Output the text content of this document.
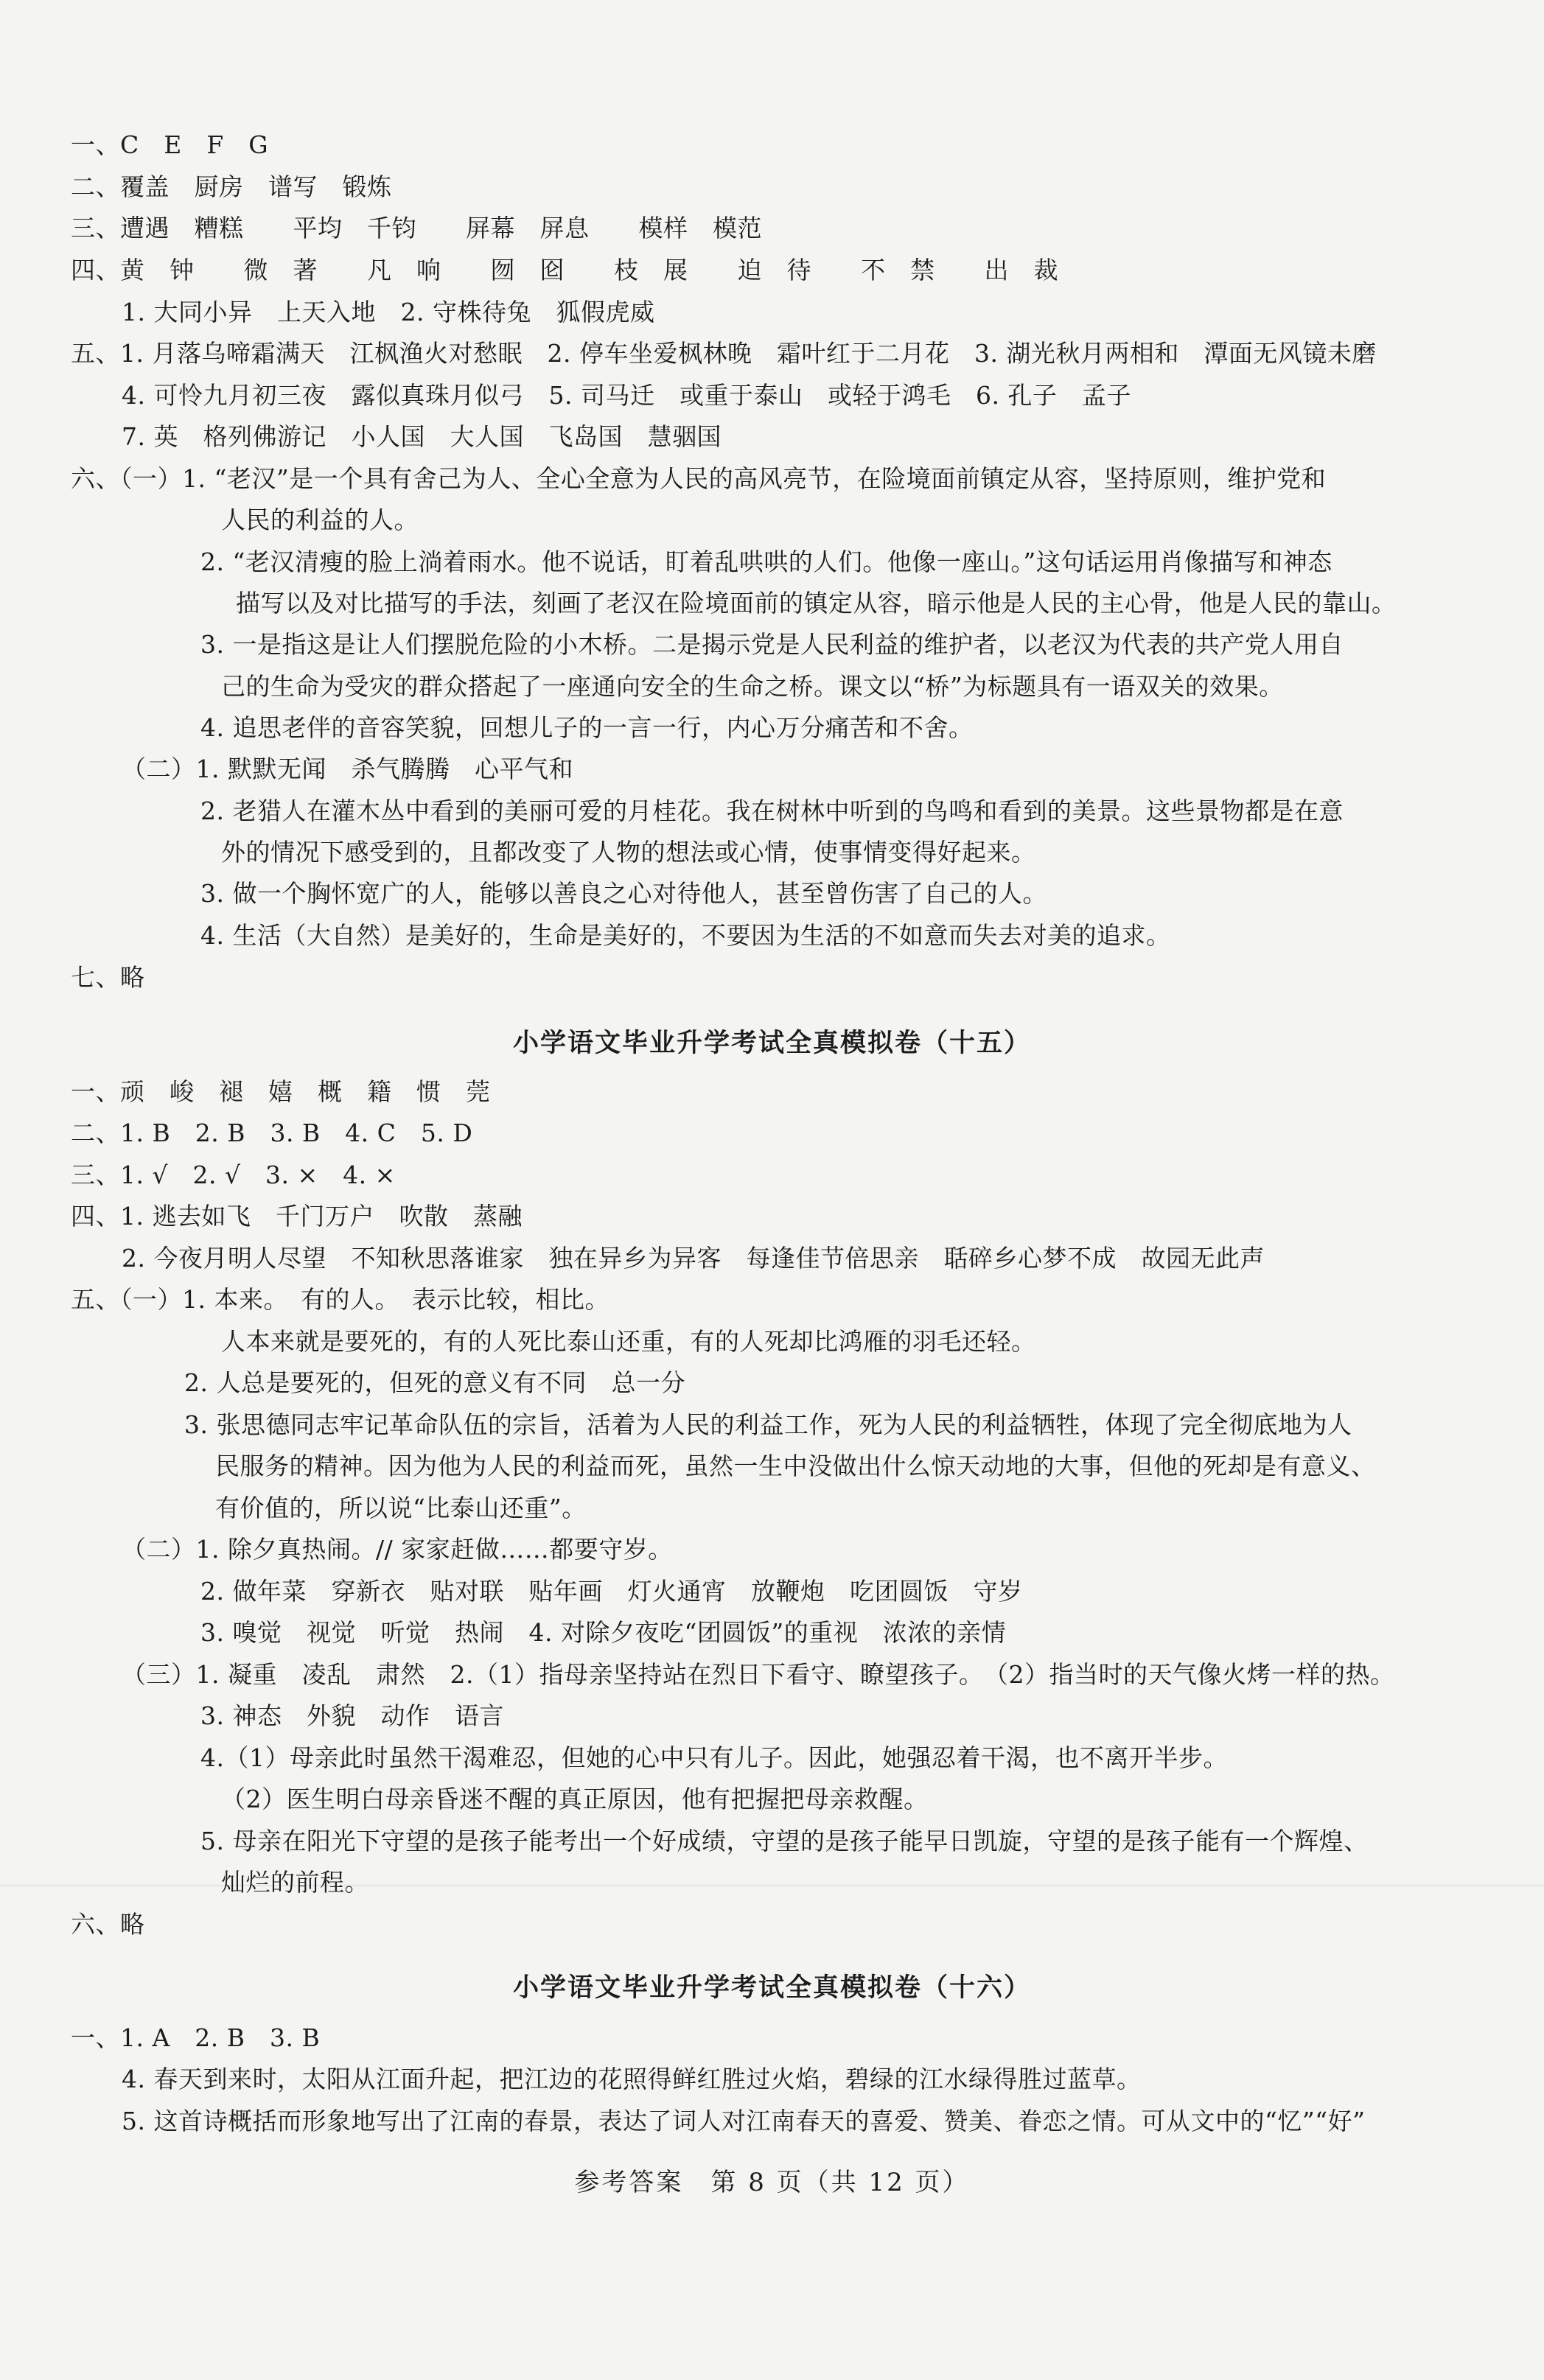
一、C　E　F　G
二、覆盖　厨房　谱写　锻炼
三、遭遇　糟糕　　平均　千钧　　屏幕　屏息　　模样　模范
四、黄　钟　　微　著　　凡　响　　囫　囵　　枝　展　　迫　待　　不　禁　　出　裁
1. 大同小异　上天入地　2. 守株待兔　狐假虎威
五、1. 月落乌啼霜满天　江枫渔火对愁眠　2. 停车坐爱枫林晚　霜叶红于二月花　3. 湖光秋月两相和　潭面无风镜未磨
4. 可怜九月初三夜　露似真珠月似弓　5. 司马迁　或重于泰山　或轻于鸿毛　6. 孔子　孟子
7. 英　格列佛游记　小人国　大人国　飞岛国　慧骃国
六、（一）1. “老汉”是一个具有舍己为人、全心全意为人民的高风亮节，在险境面前镇定从容，坚持原则，维护党和
人民的利益的人。
2. “老汉清瘦的脸上淌着雨水。他不说话，盯着乱哄哄的人们。他像一座山。”这句话运用肖像描写和神态
描写以及对比描写的手法，刻画了老汉在险境面前的镇定从容，暗示他是人民的主心骨，他是人民的靠山。
3. 一是指这是让人们摆脱危险的小木桥。二是揭示党是人民利益的维护者，以老汉为代表的共产党人用自
己的生命为受灾的群众搭起了一座通向安全的生命之桥。课文以“桥”为标题具有一语双关的效果。
4. 追思老伴的音容笑貌，回想儿子的一言一行，内心万分痛苦和不舍。
（二）1. 默默无闻　杀气腾腾　心平气和
2. 老猎人在灌木丛中看到的美丽可爱的月桂花。我在树林中听到的鸟鸣和看到的美景。这些景物都是在意
外的情况下感受到的，且都改变了人物的想法或心情，使事情变得好起来。
3. 做一个胸怀宽广的人，能够以善良之心对待他人，甚至曾伤害了自己的人。
4. 生活（大自然）是美好的，生命是美好的，不要因为生活的不如意而失去对美的追求。
七、略
小学语文毕业升学考试全真模拟卷（十五）
一、顽　峻　褪　嬉　概　籍　惯　莞
二、1. B　2. B　3. B　4. C　5. D
三、1. √　2. √　3. ×　4. ×
四、1. 逃去如飞　千门万户　吹散　蒸融
2. 今夜月明人尽望　不知秋思落谁家　独在异乡为异客　每逢佳节倍思亲　聒碎乡心梦不成　故园无此声
五、（一）1. 本来。　有的人。　表示比较，相比。
人本来就是要死的，有的人死比泰山还重，有的人死却比鸿雁的羽毛还轻。
2. 人总是要死的，但死的意义有不同　总一分
3. 张思德同志牢记革命队伍的宗旨，活着为人民的利益工作，死为人民的利益牺牲，体现了完全彻底地为人
民服务的精神。因为他为人民的利益而死，虽然一生中没做出什么惊天动地的大事，但他的死却是有意义、
有价值的，所以说“比泰山还重”。
（二）1. 除夕真热闹。// 家家赶做……都要守岁。
2. 做年菜　穿新衣　贴对联　贴年画　灯火通宵　放鞭炮　吃团圆饭　守岁
3. 嗅觉　视觉　听觉　热闹　4. 对除夕夜吃“团圆饭”的重视　浓浓的亲情
（三）1. 凝重　凌乱　肃然　2.（1）指母亲坚持站在烈日下看守、瞭望孩子。　（2）指当时的天气像火烤一样的热。
3. 神态　外貌　动作　语言
4.（1）母亲此时虽然干渴难忍，但她的心中只有儿子。因此，她强忍着干渴，也不离开半步。
（2）医生明白母亲昏迷不醒的真正原因，他有把握把母亲救醒。
5. 母亲在阳光下守望的是孩子能考出一个好成绩，守望的是孩子能早日凯旋，守望的是孩子能有一个辉煌、
灿烂的前程。
六、略
小学语文毕业升学考试全真模拟卷（十六）
一、1. A　2. B　3. B
4. 春天到来时，太阳从江面升起，把江边的花照得鲜红胜过火焰，碧绿的江水绿得胜过蓝草。
5. 这首诗概括而形象地写出了江南的春景，表达了词人对江南春天的喜爱、赞美、眷恋之情。可从文中的“忆”“好”
参考答案　第 8 页（共 12 页）
